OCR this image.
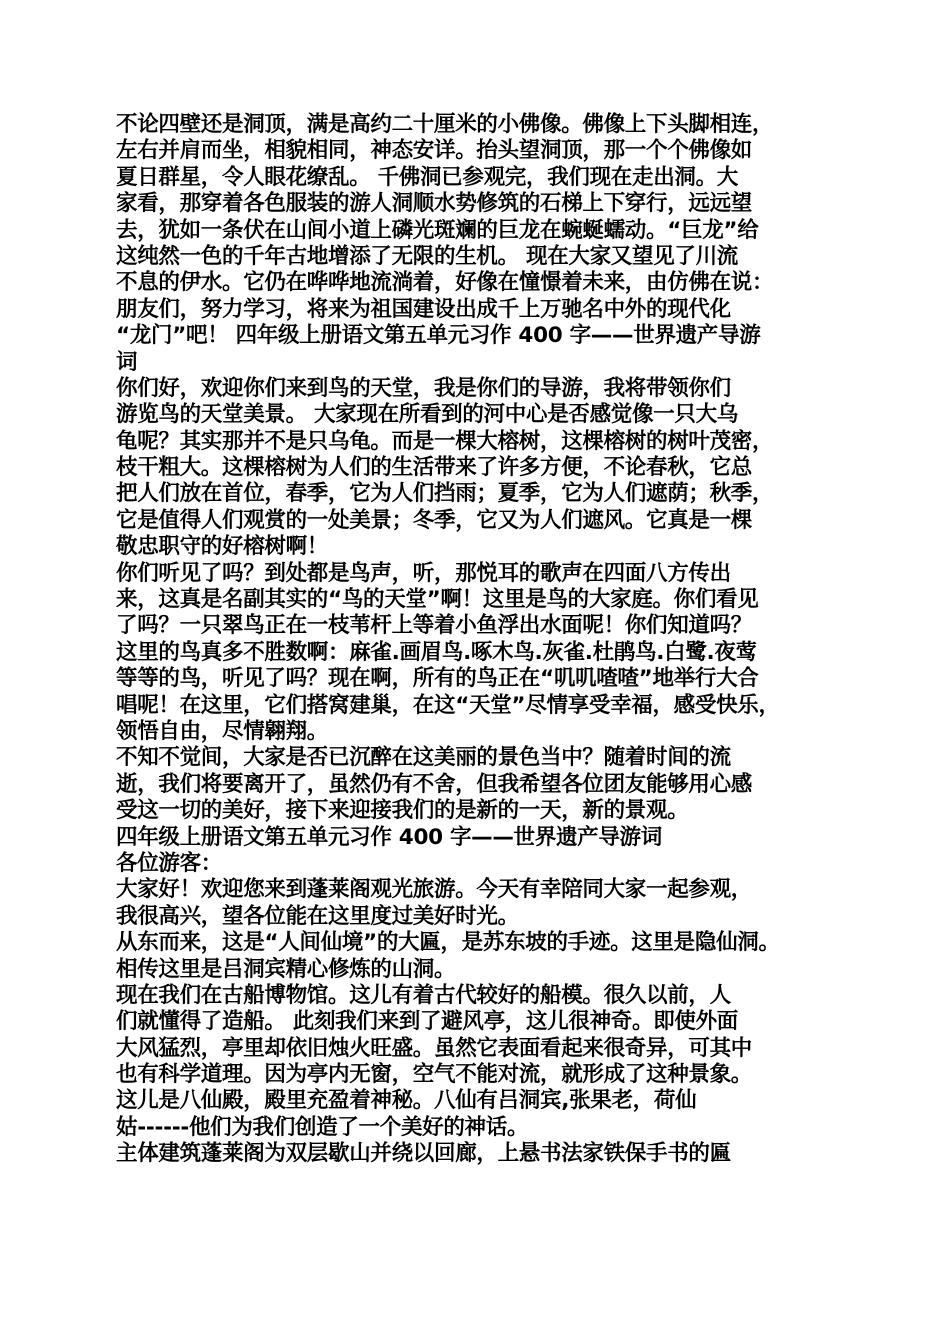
不论四壁还是洞顶，满是高约二十厘米的小佛像。佛像上下头脚相连，
左右并肩而坐，相貌相同，神态安详。抬头望洞顶，那一个个佛像如
夏日群星，令人眼花缭乱。 千佛洞已参观完，我们现在走出洞。大
家看，那穿着各色服装的游人洞顺水势修筑的石梯上下穿行，远远望
去，犹如一条伏在山间小道上磷光斑斓的巨龙在蜿蜒蠕动。“巨龙”给
这纯然一色的千年古地增添了无限的生机。 现在大家又望见了川流
不息的伊水。它仍在哗哗地流淌着，好像在憧憬着未来，由仿佛在说：
朋友们，努力学习，将来为祖国建设出成千上万驰名中外的现代化
“龙门”吧！ 四年级上册语文第五单元习作 400 字——世界遗产导游
词
你们好，欢迎你们来到鸟的天堂，我是你们的导游，我将带领你们
游览鸟的天堂美景。 大家现在所看到的河中心是否感觉像一只大乌
龟呢？其实那并不是只乌龟。而是一棵大榕树，这棵榕树的树叶茂密，
枝干粗大。这棵榕树为人们的生活带来了许多方便，不论春秋，它总
把人们放在首位，春季，它为人们挡雨；夏季，它为人们遮荫；秋季，
它是值得人们观赏的一处美景；冬季，它又为人们遮风。它真是一棵
敬忠职守的好榕树啊！
你们听见了吗？到处都是鸟声，听，那悦耳的歌声在四面八方传出
来，这真是名副其实的“鸟的天堂”啊！这里是鸟的大家庭。你们看见
了吗？一只翠鸟正在一枝苇杆上等着小鱼浮出水面呢！你们知道吗？
这里的鸟真多不胜数啊：麻雀.画眉鸟.啄木鸟.灰雀.杜鹃鸟.白鹭.夜莺
等等的鸟，听见了吗？现在啊，所有的鸟正在“叽叽喳喳”地举行大合
唱呢！在这里，它们搭窝建巢，在这“天堂”尽情享受幸福，感受快乐，
领悟自由，尽情翱翔。
不知不觉间，大家是否已沉醉在这美丽的景色当中？随着时间的流
逝，我们将要离开了，虽然仍有不舍，但我希望各位团友能够用心感
受这一切的美好，接下来迎接我们的是新的一天，新的景观。
四年级上册语文第五单元习作 400 字——世界遗产导游词
各位游客：
大家好！欢迎您来到蓬莱阁观光旅游。今天有幸陪同大家一起参观，
我很高兴，望各位能在这里度过美好时光。
从东而来，这是“人间仙境”的大匾，是苏东坡的手迹。这里是隐仙洞。
相传这里是吕洞宾精心修炼的山洞。
现在我们在古船博物馆。这儿有着古代较好的船模。很久以前，人
们就懂得了造船。 此刻我们来到了避风亭，这儿很神奇。即使外面
大风猛烈，亭里却依旧烛火旺盛。虽然它表面看起来很奇异，可其中
也有科学道理。因为亭内无窗，空气不能对流，就形成了这种景象。
这儿是八仙殿，殿里充盈着神秘。八仙有吕洞宾,张果老，荷仙
姑------他们为我们创造了一个美好的神话。
主体建筑蓬莱阁为双层歇山并绕以回廊，上悬书法家铁保手书的匾
